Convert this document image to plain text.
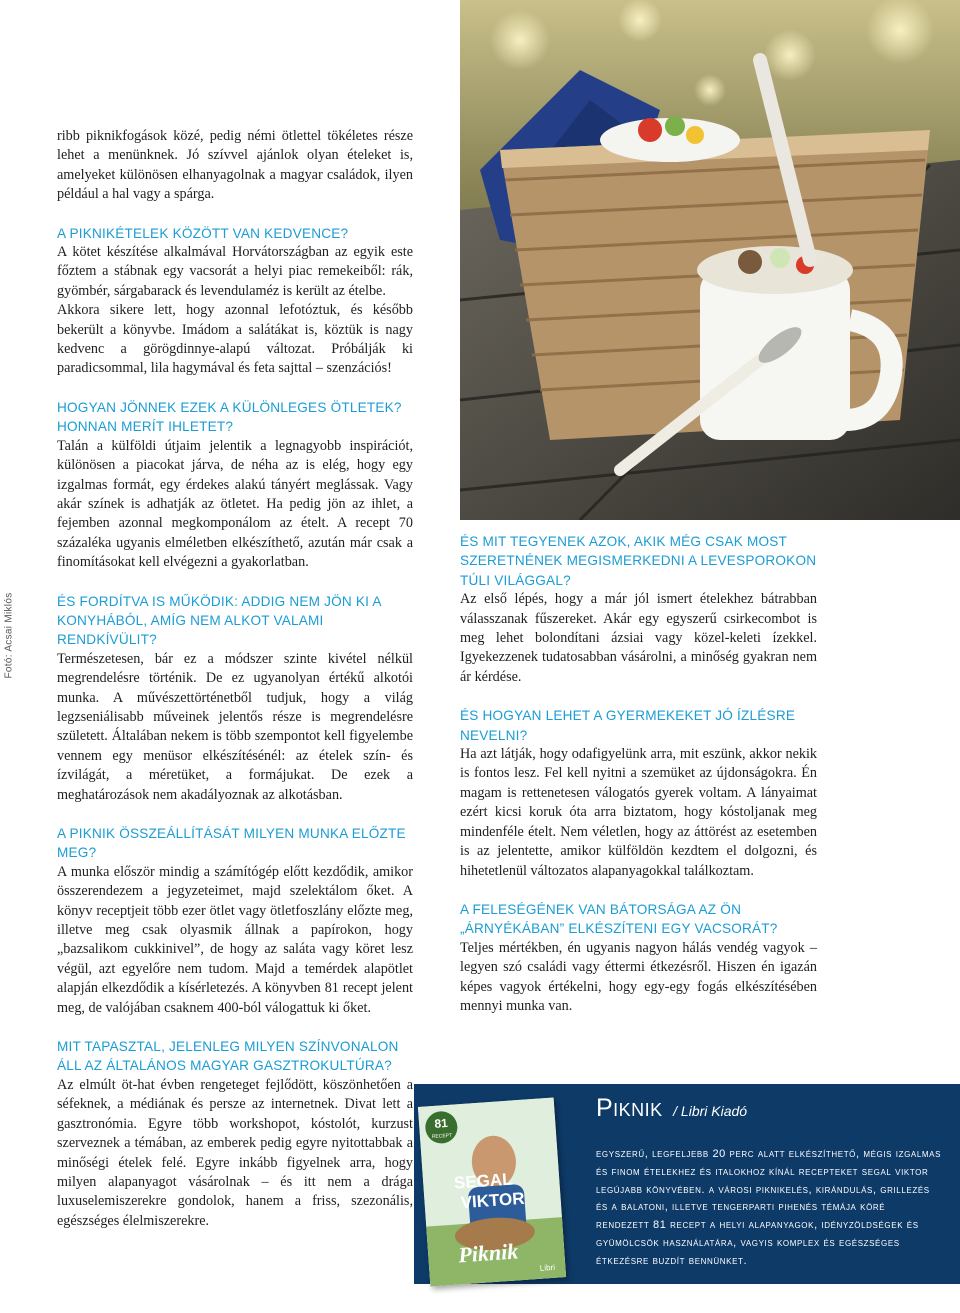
Fotó: Acsai Miklós

ribb piknikfogások közé, pedig némi ötlettel tökéletes része lehet a menünknek. Jó szívvel ajánlok olyan ételeket is, amelyeket különösen elhanyagolnak a magyar családok, ilyen például a hal vagy a spárga.

A PIKNIKÉTELEK KÖZÖTT VAN KEDVENCE?

A kötet készítése alkalmával Horvátországban az egyik este főztem a stábnak egy vacsorát a helyi piac remekeiből: rák, gyömbér, sárgabarack és levendulaméz is került az ételbe.

Akkora sikere lett, hogy azonnal lefotóztuk, és később bekerült a könyvbe. Imádom a salátákat is, köztük is nagy kedvenc a görögdinnye-alapú változat. Próbálják ki paradicsommal, lila hagymával és feta sajttal – szenzációs!

HOGYAN JÖNNEK EZEK A KÜLÖNLEGES ÖTLETEK? HONNAN MERÍT IHLETET?

Talán a külföldi útjaim jelentik a legnagyobb inspirációt, különösen a piacokat járva, de néha az is elég, hogy egy izgalmas formát, egy érdekes alakú tányért meglássak. Vagy akár színek is adhatják az ötletet. Ha pedig jön az ihlet, a fejemben azonnal megkomponálom az ételt. A recept 70 százaléka ugyanis elméletben elkészíthető, azután már csak a finomításokat kell elvégezni a gyakorlatban.

ÉS FORDÍTVA IS MŰKÖDIK: ADDIG NEM JÖN KI A KONYHÁBÓL, AMÍG NEM ALKOT VALAMI RENDKÍVÜLIT?

Természetesen, bár ez a módszer szinte kivétel nélkül megrendelésre történik. De ez ugyanolyan értékű alkotói munka. A művészettörténetből tudjuk, hogy a világ legzseniálisabb műveinek jelentős része is megrendelésre született. Általában nekem is több szempontot kell figyelembe vennem egy menüsor elkészítésénél: az ételek szín- és ízvilágát, a méretüket, a formájukat. De ezek a meghatározások nem akadályoznak az alkotásban.

A PIKNIK ÖSSZEÁLLÍTÁSÁT MILYEN MUNKA ELŐZTE MEG?

A munka először mindig a számítógép előtt kezdődik, amikor összerendezem a jegyzeteimet, majd szelektálom őket. A könyv receptjeit több ezer ötlet vagy ötletfoszlány előzte meg, illetve meg csak olyasmik állnak a papírokon, hogy „bazsalikom cukkinivel”, de hogy az saláta vagy köret lesz végül, azt egyelőre nem tudom. Majd a temérdek alapötlet alapján elkezdődik a kísérletezés. A könyvben 81 recept jelent meg, de valójában csaknem 400-ból válogattuk ki őket.

MIT TAPASZTAL, JELENLEG MILYEN SZÍNVONALON ÁLL AZ ÁLTALÁNOS MAGYAR GASZTROKULTÚRA?

Az elmúlt öt-hat évben rengeteget fejlődött, köszönhetően a séfeknek, a médiának és persze az internetnek. Divat lett a gasztronómia. Egyre több workshopot, kóstolót, kurzust szerveznek a témában, az emberek pedig egyre nyitottabbak a minőségi ételek felé. Egyre inkább figyelnek arra, hogy milyen alapanyagot vásárolnak – és itt nem a drága luxuselemiszerekre gondolok, hanem a friss, szezonális, egészséges élelmiszerekre.

ÉS MIT TEGYENEK AZOK, AKIK MÉG CSAK MOST SZERETNÉNEK MEGISMERKEDNI A LEVESPOROKON TÚLI VILÁGGAL?

Az első lépés, hogy a már jól ismert ételekhez bátrabban válasszanak fűszereket. Akár egy egyszerű csirkecombot is meg lehet bolondítani ázsiai vagy közel-keleti ízekkel. Igyekezzenek tudatosabban vásárolni, a minőség gyakran nem ár kérdése.

ÉS HOGYAN LEHET A GYERMEKEKET JÓ ÍZLÉSRE NEVELNI?

Ha azt látják, hogy odafigyelünk arra, mit eszünk, akkor nekik is fontos lesz. Fel kell nyitni a szemüket az újdonságokra. Én magam is rettenetesen válogatós gyerek voltam. A lányaimat ezért kicsi koruk óta arra biztatom, hogy kóstoljanak meg mindenféle ételt. Nem véletlen, hogy az áttörést az esetemben is az jelentette, amikor külföldön kezdtem el dolgozni, és hihetetlenül változatos alapanyagokkal találkoztam.

A FELESÉGÉNEK VAN BÁTORSÁGA AZ ÖN „ÁRNYÉKÁBAN” ELKÉSZÍTENI EGY VACSORÁT?

Teljes mértékben, én ugyanis nagyon hálás vendég vagyok – legyen szó családi vagy éttermi étkezésről. Hiszen én igazán képes vagyok értékelni, hogy egy-egy fogás elkészítésében mennyi munka van.

Piknik / Libri Kiadó
egyszerű, legfeljebb 20 perc alatt elkészíthető, mégis izgalmas és finom ételekhez és italokhoz kínál recepteket segal viktor legújabb könyvében. a városi piknikelés, kirándulás, grillezés és a balatoni, illetve tengerparti pihenés témája köré rendezett 81 recept a helyi alapanyagok, idényzöldségek és gyümölcsök használatára, vagyis komplex és egészséges étkezésre buzdít bennünket.
81
RECEPT
SEGAL
VIKTOR
Piknik
Libri
